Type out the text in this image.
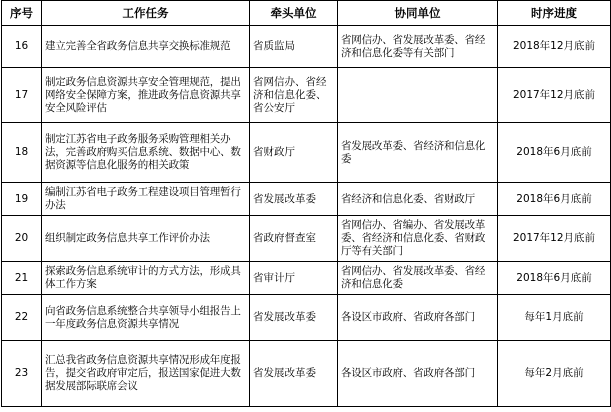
序号	工作任务	牵头单位	协同单位	时序进度
16	建立完善全省政务信息共享交换标准规范	省质监局	省网信办、省发展改革委、省经济和信息化委等有关部门	2018年12月底前
17	制定政务信息资源共享安全管理规范，提出网络安全保障方案，推进政务信息资源共享安全风险评估	省网信办、省经济和信息化委、省公安厅		2017年12月底前
18	制定江苏省电子政务服务采购管理相关办法，完善政府购买信息系统、数据中心、数据资源等信息化服务的相关政策	省财政厅	省发展改革委、省经济和信息化委	2018年6月底前
19	编制江苏省电子政务工程建设项目管理暂行办法	省发展改革委	省经济和信息化委、省财政厅	2018年6月底前
20	组织制定政务信息共享工作评价办法	省政府督查室	省网信办、省编办、省发展改革委、省经济和信息化委、省财政厅等有关部门	2017年12月底前
21	探索政务信息系统审计的方式方法，形成具体工作方案	省审计厅	省网信办、省发展改革委、省经济和信息化委	2018年6月底前
22	向省政务信息系统整合共享领导小组报告上一年度政务信息资源共享情况	省发展改革委	各设区市政府、省政府各部门	每年1月底前
23	汇总我省政务信息资源共享情况形成年度报告，提交省政府审定后，报送国家促进大数据发展部际联席会议	省发展改革委	各设区市政府、省政府各部门	每年2月底前
